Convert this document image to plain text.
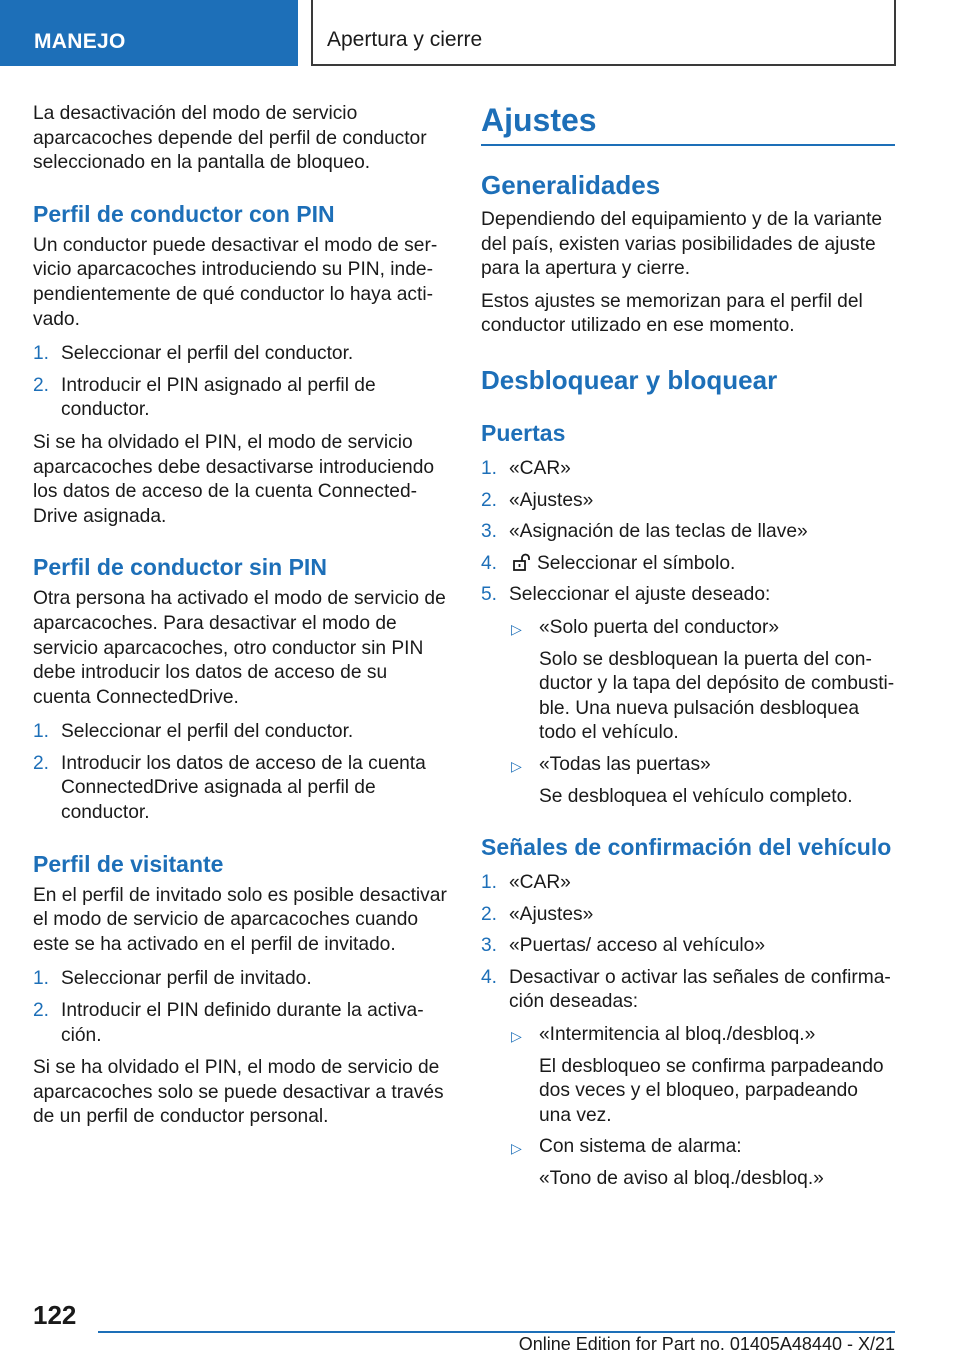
MANEJO	Apertura y cierre

La desactivación del modo de servicio aparcacoches depende del perfil de conductor seleccionado en la pantalla de bloqueo.

Perfil de conductor con PIN

Un conductor puede desactivar el modo de servicio aparcacoches introduciendo su PIN, independientemente de qué conductor lo haya activado.

1. Seleccionar el perfil del conductor.
2. Introducir el PIN asignado al perfil de conductor.

Si se ha olvidado el PIN, el modo de servicio aparcacoches debe desactivarse introduciendo los datos de acceso de la cuenta ConnectedDrive asignada.

Perfil de conductor sin PIN

Otra persona ha activado el modo de servicio de aparcacoches. Para desactivar el modo de servicio aparcacoches, otro conductor sin PIN debe introducir los datos de acceso de su cuenta ConnectedDrive.

1. Seleccionar el perfil del conductor.
2. Introducir los datos de acceso de la cuenta ConnectedDrive asignada al perfil de conductor.
Perfil de visitante

En el perfil de invitado solo es posible desactivar el modo de servicio de aparcacoches cuando este se ha activado en el perfil de invitado.

1. Seleccionar perfil de invitado.
2. Introducir el PIN definido durante la activación.

Si se ha olvidado el PIN, el modo de servicio de aparcacoches solo se puede desactivar a través de un perfil de conductor personal.

Ajustes
Generalidades

Dependiendo del equipamiento y de la variante del país, existen varias posibilidades de ajuste para la apertura y cierre.

Estos ajustes se memorizan para el perfil del conductor utilizado en ese momento.

Desbloquear y bloquear
Puertas
1. «CAR»
2. «Ajustes»
3. «Asignación de las teclas de llave»
4. Seleccionar el símbolo.
5. Seleccionar el ajuste deseado:
▷ «Solo puerta del conductor»
Solo se desbloquean la puerta del conductor y la tapa del depósito de combustible. Una nueva pulsación desbloquea todo el vehículo.
▷ «Todas las puertas»
Se desbloquea el vehículo completo.
Señales de confirmación del vehículo
1. «CAR»
2. «Ajustes»
3. «Puertas/ acceso al vehículo»
4. Desactivar o activar las señales de confirmación deseadas:
▷ «Intermitencia al bloq./desbloq.»
El desbloqueo se confirma parpadeando dos veces y el bloqueo, parpadeando una vez.
▷ Con sistema de alarma:
«Tono de aviso al bloq./desbloq.»
122
Online Edition for Part no. 01405A48440 - X/21
